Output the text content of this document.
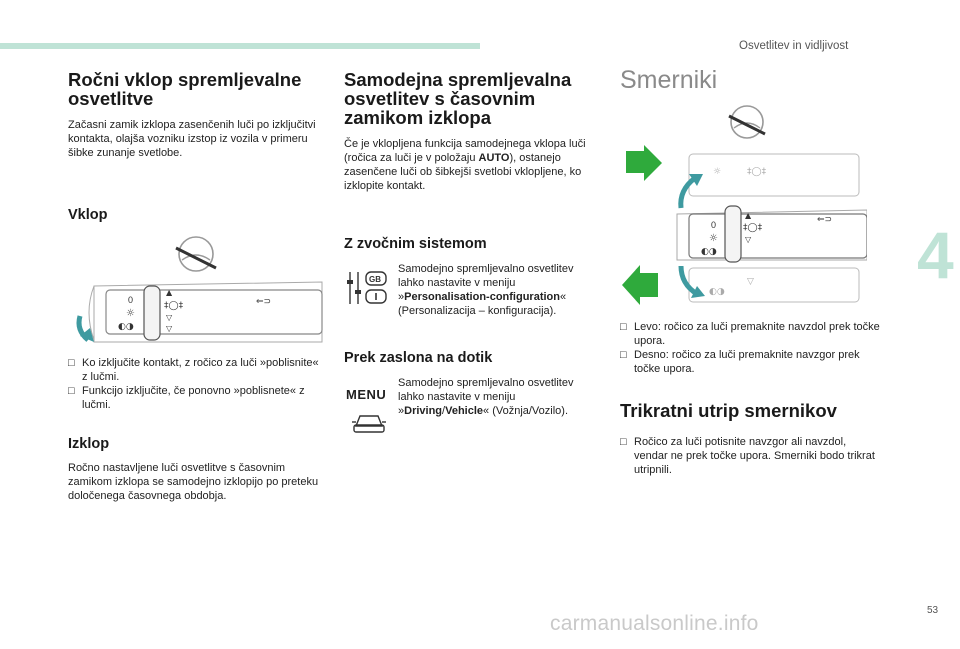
Osvetlitev in vidljivost
4
53
carmanualsonline.info
Ročni vklop spremljevalne osvetlitve

Začasni zamik izklopa zasenčenih luči po izključitvi kontakta, olajša vozniku izstop iz vozila v primeru šibke zunanje svetlobe.

Vklop
0
☼
◐◑
▲
‡◯‡
▽
▽
⇐⊃
□ Ko izključite kontakt, z ročico za luči »poblisnite« z lučmi.
□ Funkcijo izključite, če ponovno »poblisnete« z lučmi.
Izklop

Ročno nastavljene luči osvetlitve s časovnim zamikom izklopa se samodejno izklopijo po preteku določenega časovnega obdobja.

Samodejna spremljevalna osvetlitev s časovnim zamikom izklopa

Če je vklopljena funkcija samodejnega vklopa luči (ročica za luči je v položaju AUTO), ostanejo zasenčene luči ob šibkejši svetlobi vklopljene, ko izklopite kontakt.

Z zvočnim sistemom
GB

Samodejno spremljevalno osvetlitev lahko nastavite v meniju »Personalisation-configuration« (Personalizacija – konfiguracija).

Prek zaslona na dotik
MENU

Samodejno spremljevalno osvetlitev lahko nastavite v meniju »Driving/Vehicle« (Vožnja/Vozilo).

Smerniki
☼	‡◯‡
0
☼
◐◑
▲
‡◯‡
▽
⇐⊃
◐◑
▽
□ Levo: ročico za luči premaknite navzdol prek točke upora.
□ Desno: ročico za luči premaknite navzgor prek točke upora.
Trikratni utrip smernikov
□ Ročico za luči potisnite navzgor ali navzdol, vendar ne prek točke upora. Smerniki bodo trikrat utripnili.
